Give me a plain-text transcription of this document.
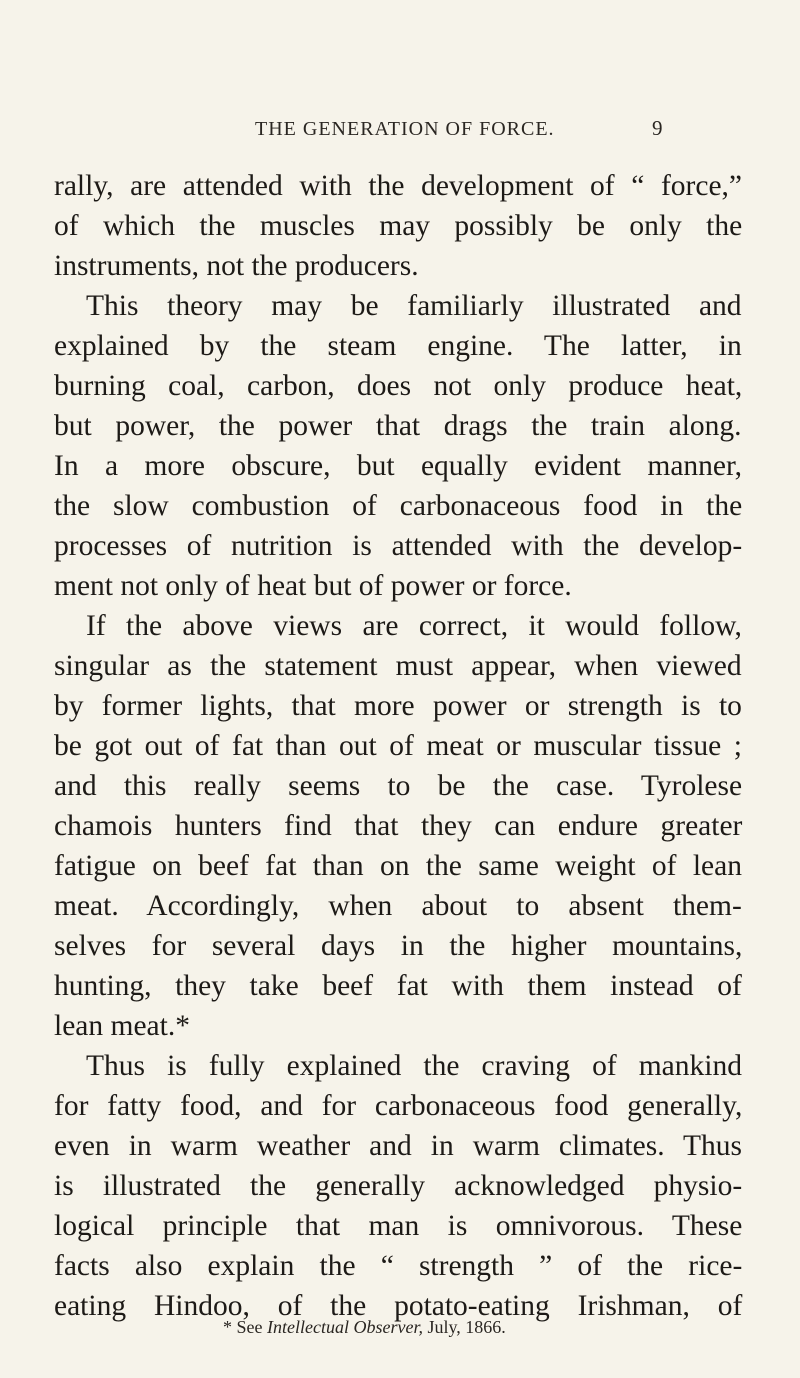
THE GENERATION OF FORCE.	9
rally, are attended with the development of “ force,”
of which the muscles may possibly be only the
instruments, not the producers.
This theory may be familiarly illustrated and
explained by the steam engine. The latter, in
burning coal, carbon, does not only produce heat,
but power, the power that drags the train along.
In a more obscure, but equally evident manner,
the slow combustion of carbonaceous food in the
processes of nutrition is attended with the develop-
ment not only of heat but of power or force.
If the above views are correct, it would follow,
singular as the statement must appear, when viewed
by former lights, that more power or strength is to
be got out of fat than out of meat or muscular tissue ;
and this really seems to be the case. Tyrolese
chamois hunters find that they can endure greater
fatigue on beef fat than on the same weight of lean
meat. Accordingly, when about to absent them-
selves for several days in the higher mountains,
hunting, they take beef fat with them instead of
lean meat.*
Thus is fully explained the craving of mankind
for fatty food, and for carbonaceous food generally,
even in warm weather and in warm climates. Thus
is illustrated the generally acknowledged physio-
logical principle that man is omnivorous. These
facts also explain the “ strength ” of the rice-
eating Hindoo, of the potato-eating Irishman, of
* See Intellectual Observer, July, 1866.
